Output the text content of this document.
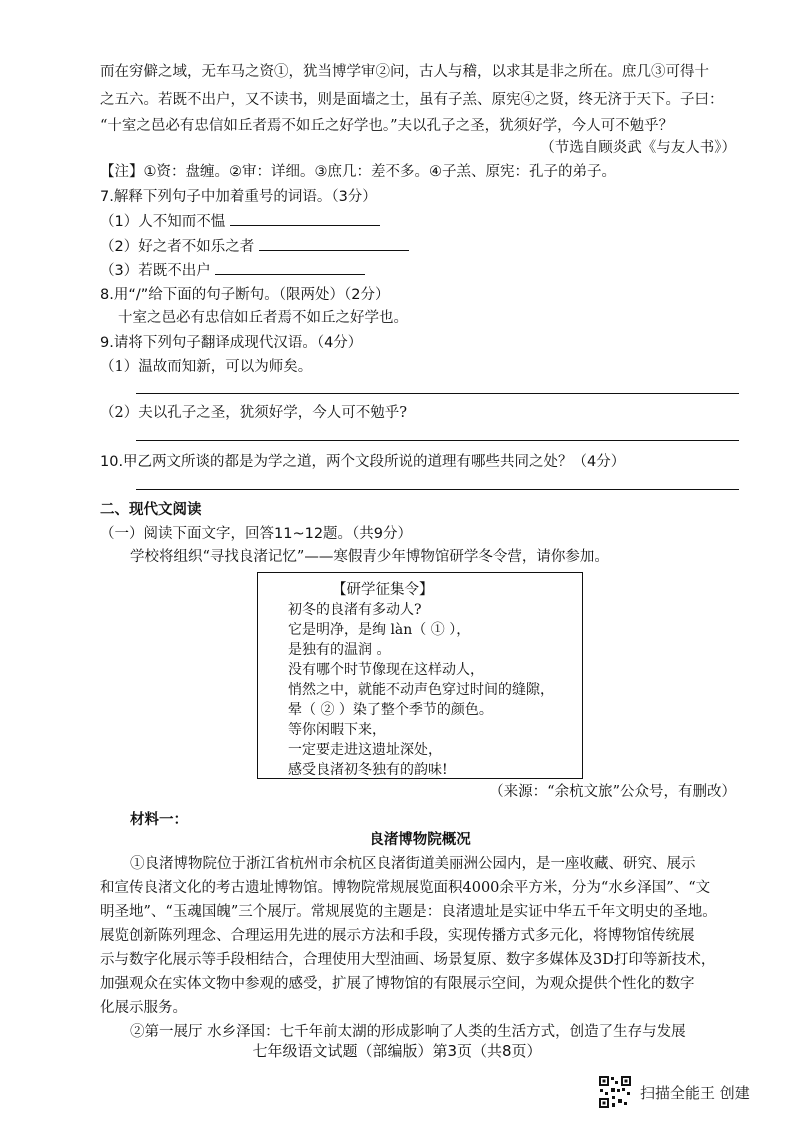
而在穷僻之域，无车马之资①，犹当博学审②问，古人与稽，以求其是非之所在。庶几③可得十
之五六。若既不出户，又不读书，则是面墙之士，虽有子羔、原宪④之贤，终无济于天下。子曰：
“十室之邑必有忠信如丘者焉不如丘之好学也。”夫以孔子之圣，犹须好学，今人可不勉乎？
（节选自顾炎武《与友人书》）
【注】①资：盘缠。②审：详细。③庶几：差不多。④子羔、原宪：孔子的弟子。
7.解释下列句子中加着重号的词语。（3分）
（1）人不知而不愠
（2）好之者不如乐之者
（3）若既不出户
8.用“/”给下面的句子断句。（限两处）（2分）
十室之邑必有忠信如丘者焉不如丘之好学也。
9.请将下列句子翻译成现代汉语。（4分）
（1）温故而知新，可以为师矣。
（2）夫以孔子之圣，犹须好学，今人可不勉乎?
10.甲乙两文所谈的都是为学之道，两个文段所说的道理有哪些共同之处？（4分）
二、现代文阅读
（一）阅读下面文字，回答11~12题。（共9分）
学校将组织“寻找良渚记忆”——寒假青少年博物馆研学冬令营，请你参加。
【研学征集令】
初冬的良渚有多动人?
它是明净，是绚 làn（ ① ），
是独有的温润 。
没有哪个时节像现在这样动人，
悄然之中，就能不动声色穿过时间的缝隙，
晕（ ② ）染了整个季节的颜色。
等你闲暇下来，
一定要走进这遗址深处，
感受良渚初冬独有的韵味!
（来源：“余杭文旅”公众号，有删改）
材料一：
良渚博物院概况
①良渚博物院位于浙江省杭州市余杭区良渚街道美丽洲公园内，是一座收藏、研究、展示
和宣传良渚文化的考古遗址博物馆。博物院常规展览面积4000余平方米，分为“水乡泽国”、“文
明圣地”、“玉魂国魄”三个展厅。常规展览的主题是：良渚遗址是实证中华五千年文明史的圣地。
展览创新陈列理念、合理运用先进的展示方法和手段，实现传播方式多元化，将博物馆传统展
示与数字化展示等手段相结合，合理使用大型油画、场景复原、数字多媒体及3D打印等新技术，
加强观众在实体文物中参观的感受，扩展了博物馆的有限展示空间，为观众提供个性化的数字
化展示服务。
②第一展厅 水乡泽国：七千年前太湖的形成影响了人类的生活方式，创造了生存与发展
七年级语文试题（部编版）第3页（共8页）
扫描全能王 创建
